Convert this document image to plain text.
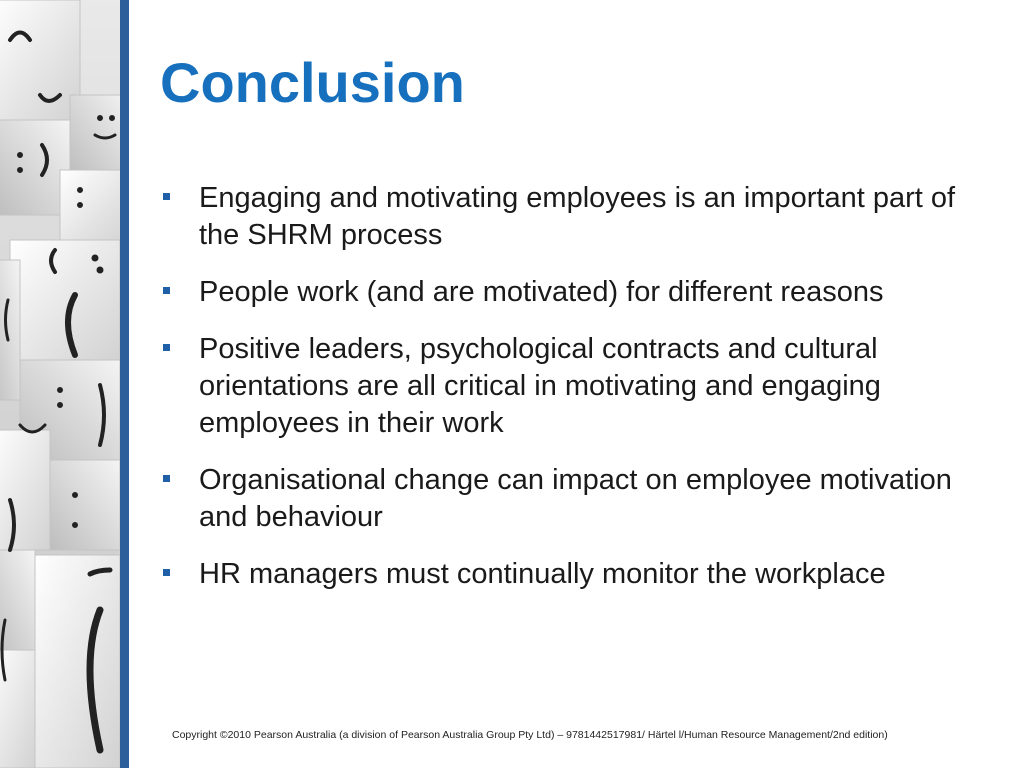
Conclusion
Engaging and motivating employees is an important part of the SHRM process
People work (and are motivated) for different reasons
Positive leaders, psychological contracts and cultural orientations are all critical in motivating and engaging employees in their work
Organisational change can impact on employee motivation and behaviour
HR managers must continually monitor the workplace
Copyright ©2010 Pearson Australia (a division of Pearson Australia Group Pty Ltd) – 9781442517981/ Härtel l/Human Resource Management/2nd edition)
